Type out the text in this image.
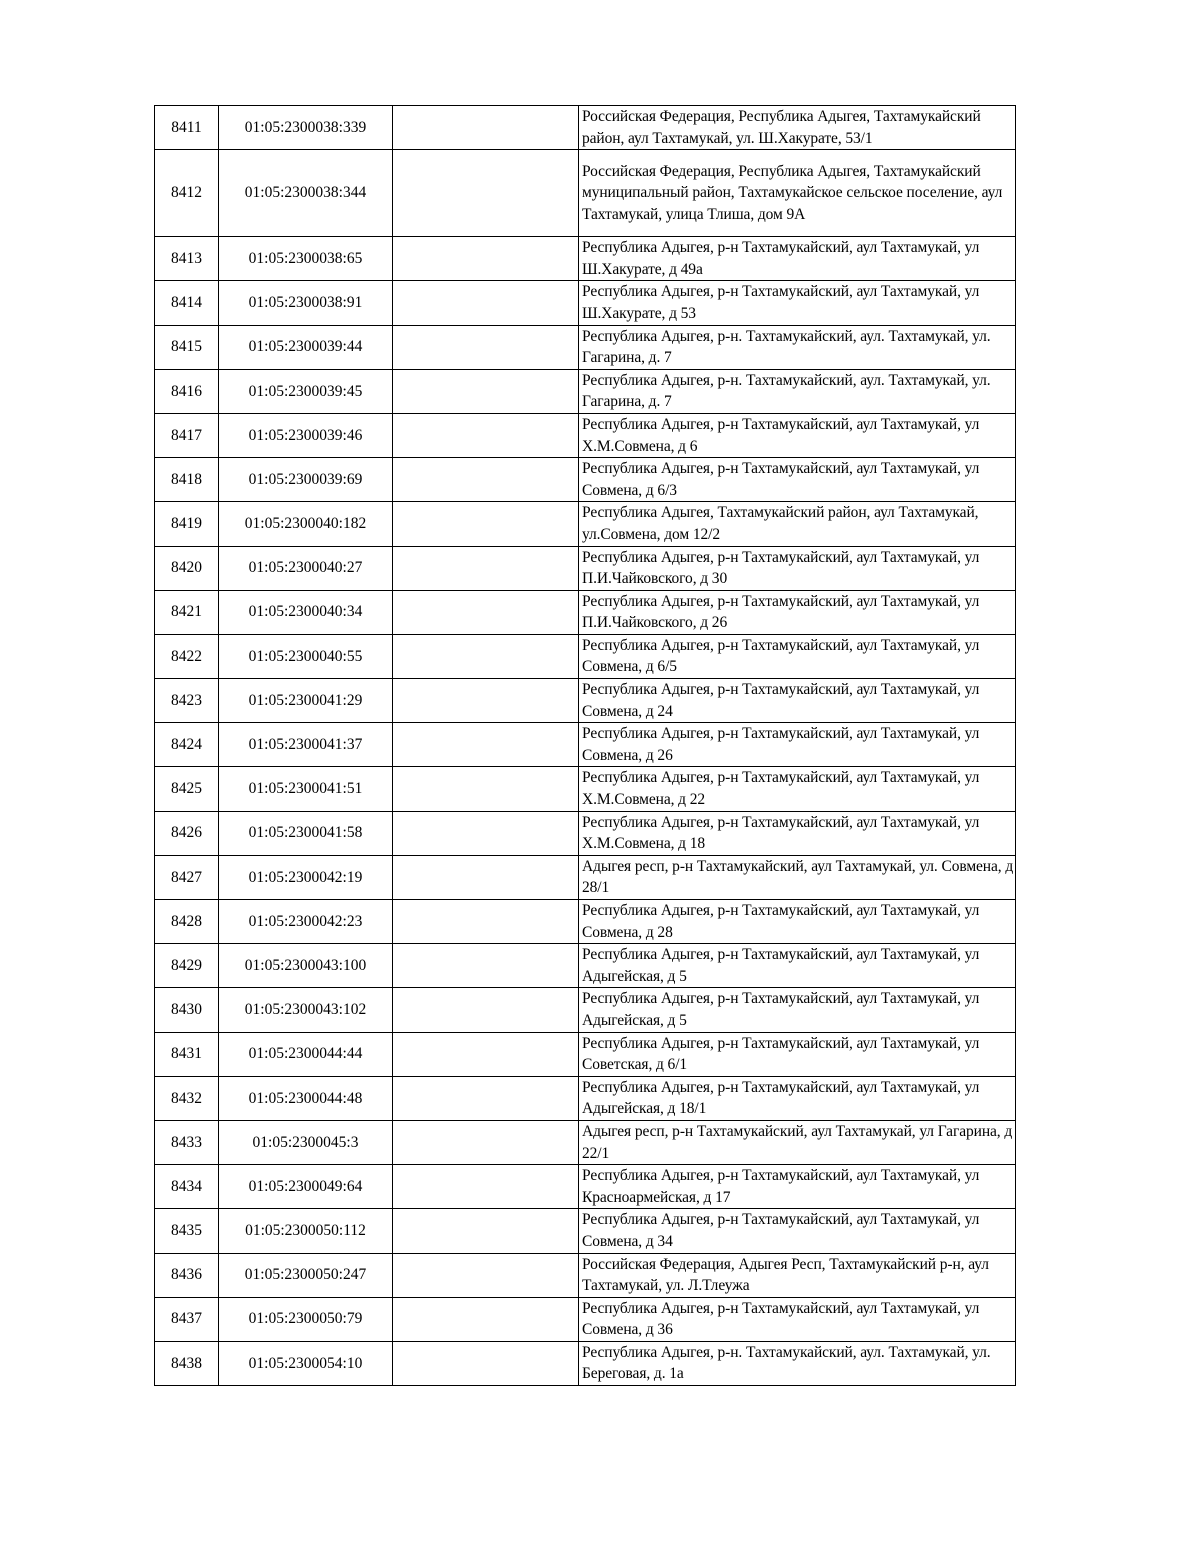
8411	01:05:2300038:339		Российская Федерация, Республика Адыгея, Тахтамукайский район, аул Тахтамукай, ул. Ш.Хакурате, 53/1
8412	01:05:2300038:344		Российская Федерация, Республика Адыгея, Тахтамукайский муниципальный район, Тахтамукайское сельское поселение, аул Тахтамукай, улица Тлиша, дом 9А
8413	01:05:2300038:65		Республика Адыгея, р-н Тахтамукайский, аул Тахтамукай, ул Ш.Хакурате, д 49а
8414	01:05:2300038:91		Республика Адыгея, р-н Тахтамукайский, аул Тахтамукай, ул Ш.Хакурате, д 53
8415	01:05:2300039:44		Республика Адыгея, р-н. Тахтамукайский, аул. Тахтамукай, ул. Гагарина, д. 7
8416	01:05:2300039:45		Республика Адыгея, р-н. Тахтамукайский, аул. Тахтамукай, ул. Гагарина, д. 7
8417	01:05:2300039:46		Республика Адыгея, р-н Тахтамукайский, аул Тахтамукай, ул Х.М.Совмена, д 6
8418	01:05:2300039:69		Республика Адыгея, р-н Тахтамукайский, аул Тахтамукай, ул Совмена, д 6/3
8419	01:05:2300040:182		Республика Адыгея, Тахтамукайский район, аул Тахтамукай, ул.Совмена, дом 12/2
8420	01:05:2300040:27		Республика Адыгея, р-н Тахтамукайский, аул Тахтамукай, ул П.И.Чайковского, д 30
8421	01:05:2300040:34		Республика Адыгея, р-н Тахтамукайский, аул Тахтамукай, ул П.И.Чайковского, д 26
8422	01:05:2300040:55		Республика Адыгея, р-н Тахтамукайский, аул Тахтамукай, ул Совмена, д 6/5
8423	01:05:2300041:29		Республика Адыгея, р-н Тахтамукайский, аул Тахтамукай, ул Совмена, д 24
8424	01:05:2300041:37		Республика Адыгея, р-н Тахтамукайский, аул Тахтамукай, ул Совмена, д 26
8425	01:05:2300041:51		Республика Адыгея, р-н Тахтамукайский, аул Тахтамукай, ул Х.М.Совмена, д 22
8426	01:05:2300041:58		Республика Адыгея, р-н Тахтамукайский, аул Тахтамукай, ул Х.М.Совмена, д 18
8427	01:05:2300042:19		Адыгея респ, р-н Тахтамукайский, аул Тахтамукай, ул. Совмена, д 28/1
8428	01:05:2300042:23		Республика Адыгея, р-н Тахтамукайский, аул Тахтамукай, ул Совмена, д 28
8429	01:05:2300043:100		Республика Адыгея, р-н Тахтамукайский, аул Тахтамукай, ул Адыгейская, д 5
8430	01:05:2300043:102		Республика Адыгея, р-н Тахтамукайский, аул Тахтамукай, ул Адыгейская, д 5
8431	01:05:2300044:44		Республика Адыгея, р-н Тахтамукайский, аул Тахтамукай, ул Советская, д 6/1
8432	01:05:2300044:48		Республика Адыгея, р-н Тахтамукайский, аул Тахтамукай, ул Адыгейская, д 18/1
8433	01:05:2300045:3		Адыгея респ, р-н Тахтамукайский, аул Тахтамукай, ул Гагарина, д 22/1
8434	01:05:2300049:64		Республика Адыгея, р-н Тахтамукайский, аул Тахтамукай, ул Красноармейская, д 17
8435	01:05:2300050:112		Республика Адыгея, р-н Тахтамукайский, аул Тахтамукай, ул Совмена, д 34
8436	01:05:2300050:247		Российская Федерация, Адыгея Респ, Тахтамукайский р-н, аул Тахтамукай, ул. Л.Тлеужа
8437	01:05:2300050:79		Республика Адыгея, р-н Тахтамукайский, аул Тахтамукай, ул Совмена, д 36
8438	01:05:2300054:10		Республика Адыгея, р-н. Тахтамукайский, аул. Тахтамукай, ул. Береговая, д. 1а
